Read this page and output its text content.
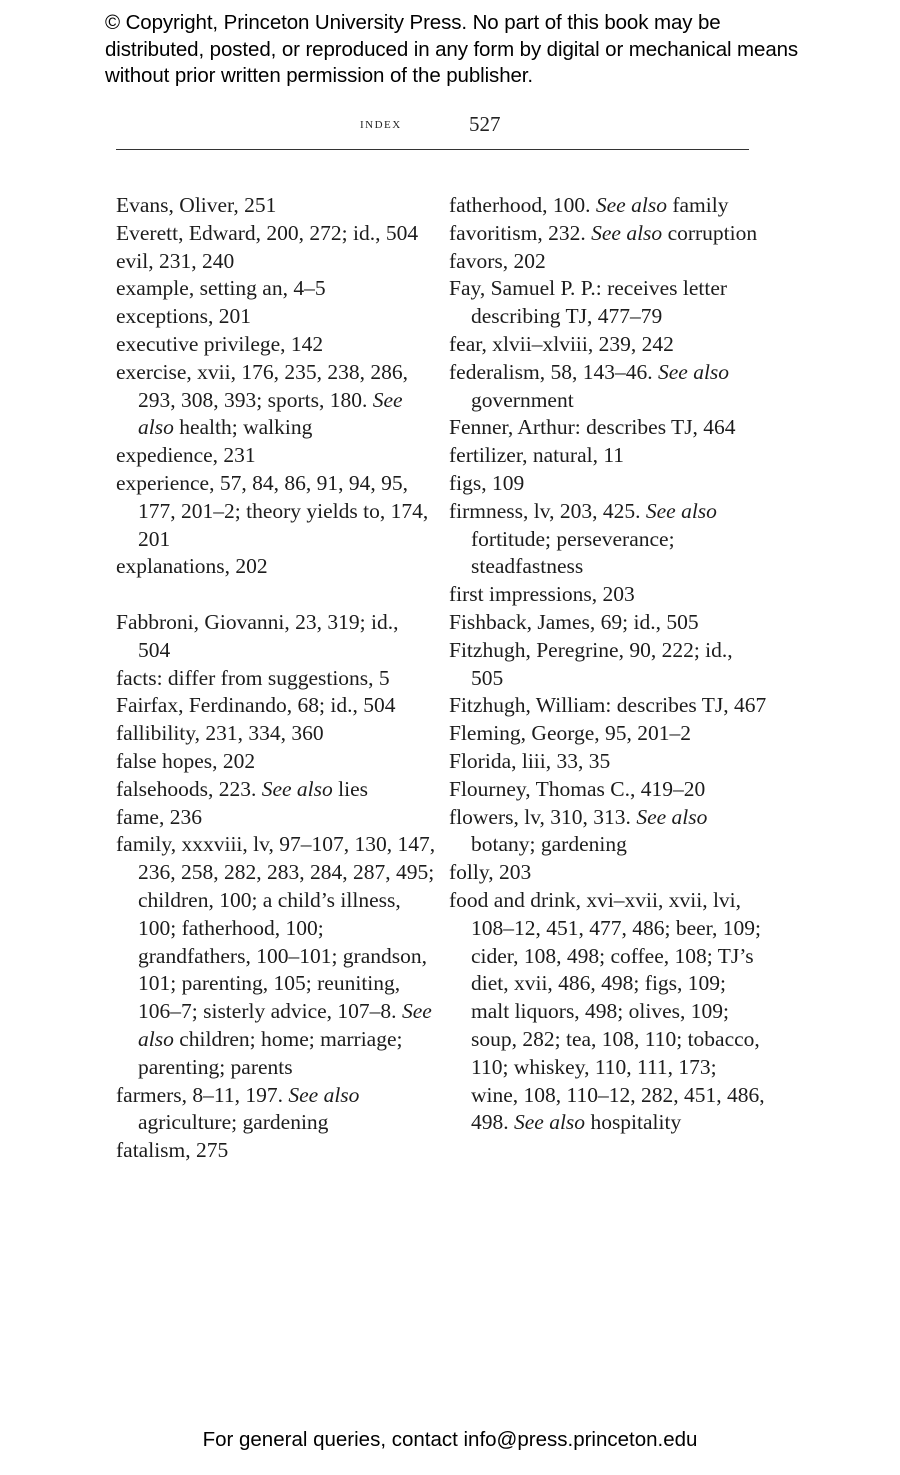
© Copyright, Princeton University Press. No part of this book may be distributed, posted, or reproduced in any form by digital or mechanical means without prior written permission of the publisher.
index	527

Evans, Oliver, 251

Everett, Edward, 200, 272; id., 504

evil, 231, 240

example, setting an, 4–5

exceptions, 201

executive privilege, 142

exercise, xvii, 176, 235, 238, 286, 293, 308, 393; sports, 180. See also health; walking

expedience, 231

experience, 57, 84, 86, 91, 94, 95, 177, 201–2; theory yields to, 174, 201

explanations, 202

Fabbroni, Giovanni, 23, 319; id., 504

facts: differ from suggestions, 5

Fairfax, Ferdinando, 68; id., 504

fallibility, 231, 334, 360

false hopes, 202

falsehoods, 223. See also lies

fame, 236

family, xxxviii, lv, 97–107, 130, 147, 236, 258, 282, 283, 284, 287, 495; children, 100; a child’s illness, 100; fatherhood, 100; grandfathers, 100–101; grandson, 101; parenting, 105; reuniting, 106–7; sisterly advice, 107–8. See also children; home; marriage; parenting; parents

farmers, 8–11, 197. See also agriculture; gardening

fatalism, 275

fatherhood, 100. See also family

favoritism, 232. See also corruption

favors, 202

Fay, Samuel P. P.: receives letter describing TJ, 477–79

fear, xlvii–xlviii, 239, 242

federalism, 58, 143–46. See also government

Fenner, Arthur: describes TJ, 464

fertilizer, natural, 11

figs, 109

firmness, lv, 203, 425. See also fortitude; perseverance; steadfastness

first impressions, 203

Fishback, James, 69; id., 505

Fitzhugh, Peregrine, 90, 222; id., 505

Fitzhugh, William: describes TJ, 467

Fleming, George, 95, 201–2

Florida, liii, 33, 35

Flourney, Thomas C., 419–20

flowers, lv, 310, 313. See also botany; gardening

folly, 203

food and drink, xvi–xvii, xvii, lvi, 108–12, 451, 477, 486; beer, 109; cider, 108, 498; coffee, 108; TJ’s diet, xvii, 486, 498; figs, 109; malt liquors, 498; olives, 109; soup, 282; tea, 108, 110; tobacco, 110; whiskey, 110, 111, 173; wine, 108, 110–12, 282, 451, 486, 498. See also hospitality

For general queries, contact info@press.princeton.edu
